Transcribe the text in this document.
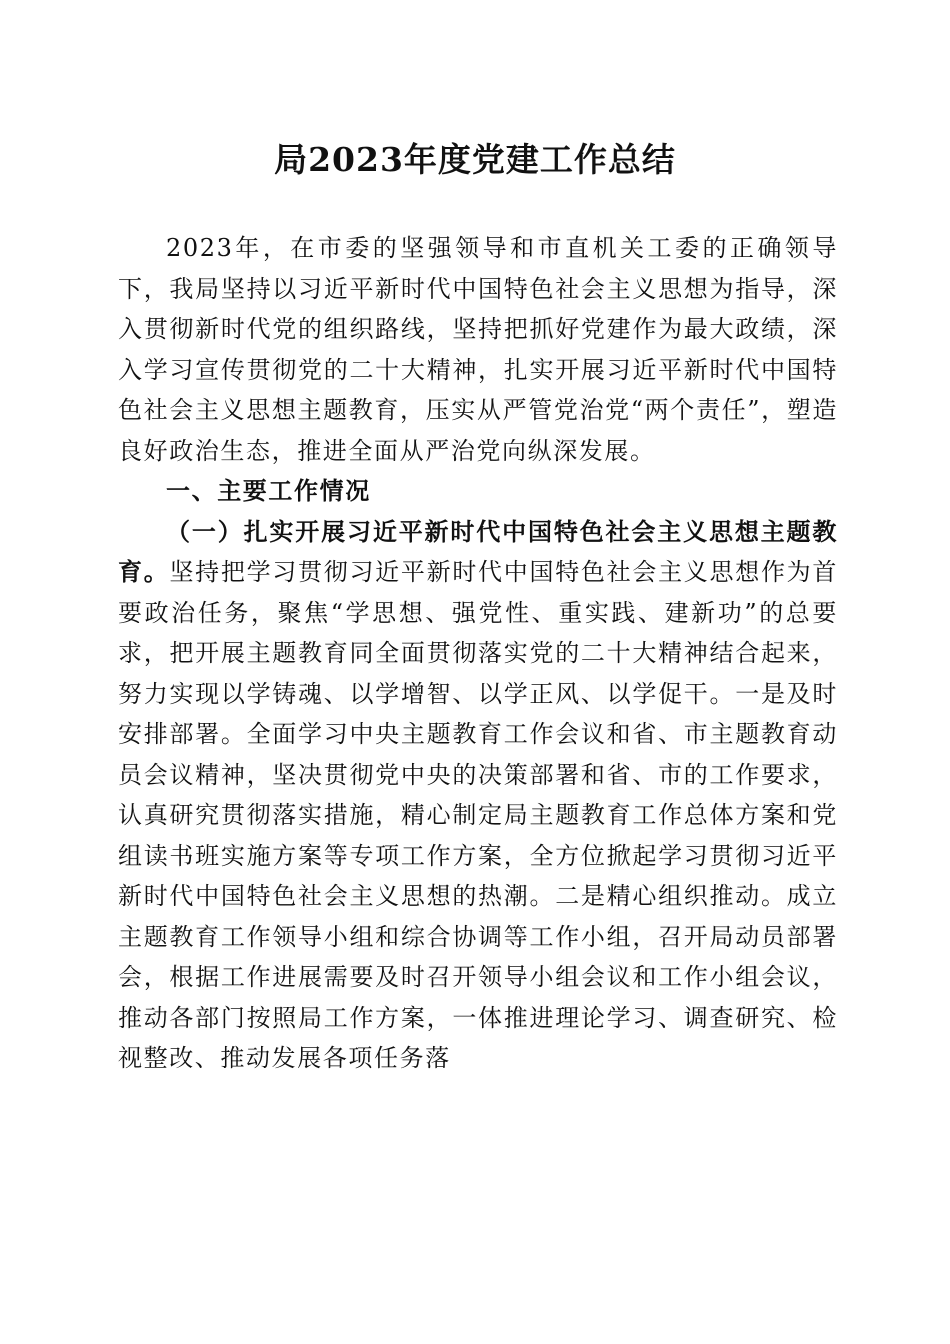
局2023年度党建工作总结

2023年，在市委的坚强领导和市直机关工委的正确领导下，我局坚持以习近平新时代中国特色社会主义思想为指导，深入贯彻新时代党的组织路线，坚持把抓好党建作为最大政绩，深入学习宣传贯彻党的二十大精神，扎实开展习近平新时代中国特色社会主义思想主题教育，压实从严管党治党“两个责任”，塑造良好政治生态，推进全面从严治党向纵深发展。

一、主要工作情况

（一）扎实开展习近平新时代中国特色社会主义思想主题教育。坚持把学习贯彻习近平新时代中国特色社会主义思想作为首要政治任务，聚焦“学思想、强党性、重实践、建新功”的总要求，把开展主题教育同全面贯彻落实党的二十大精神结合起来，努力实现以学铸魂、以学增智、以学正风、以学促干。一是及时安排部署。全面学习中央主题教育工作会议和省、市主题教育动员会议精神，坚决贯彻党中央的决策部署和省、市的工作要求，认真研究贯彻落实措施，精心制定局主题教育工作总体方案和党组读书班实施方案等专项工作方案，全方位掀起学习贯彻习近平新时代中国特色社会主义思想的热潮。二是精心组织推动。成立主题教育工作领导小组和综合协调等工作小组，召开局动员部署会，根据工作进展需要及时召开领导小组会议和工作小组会议，推动各部门按照局工作方案，一体推进理论学习、调查研究、检视整改、推动发展各项任务落
